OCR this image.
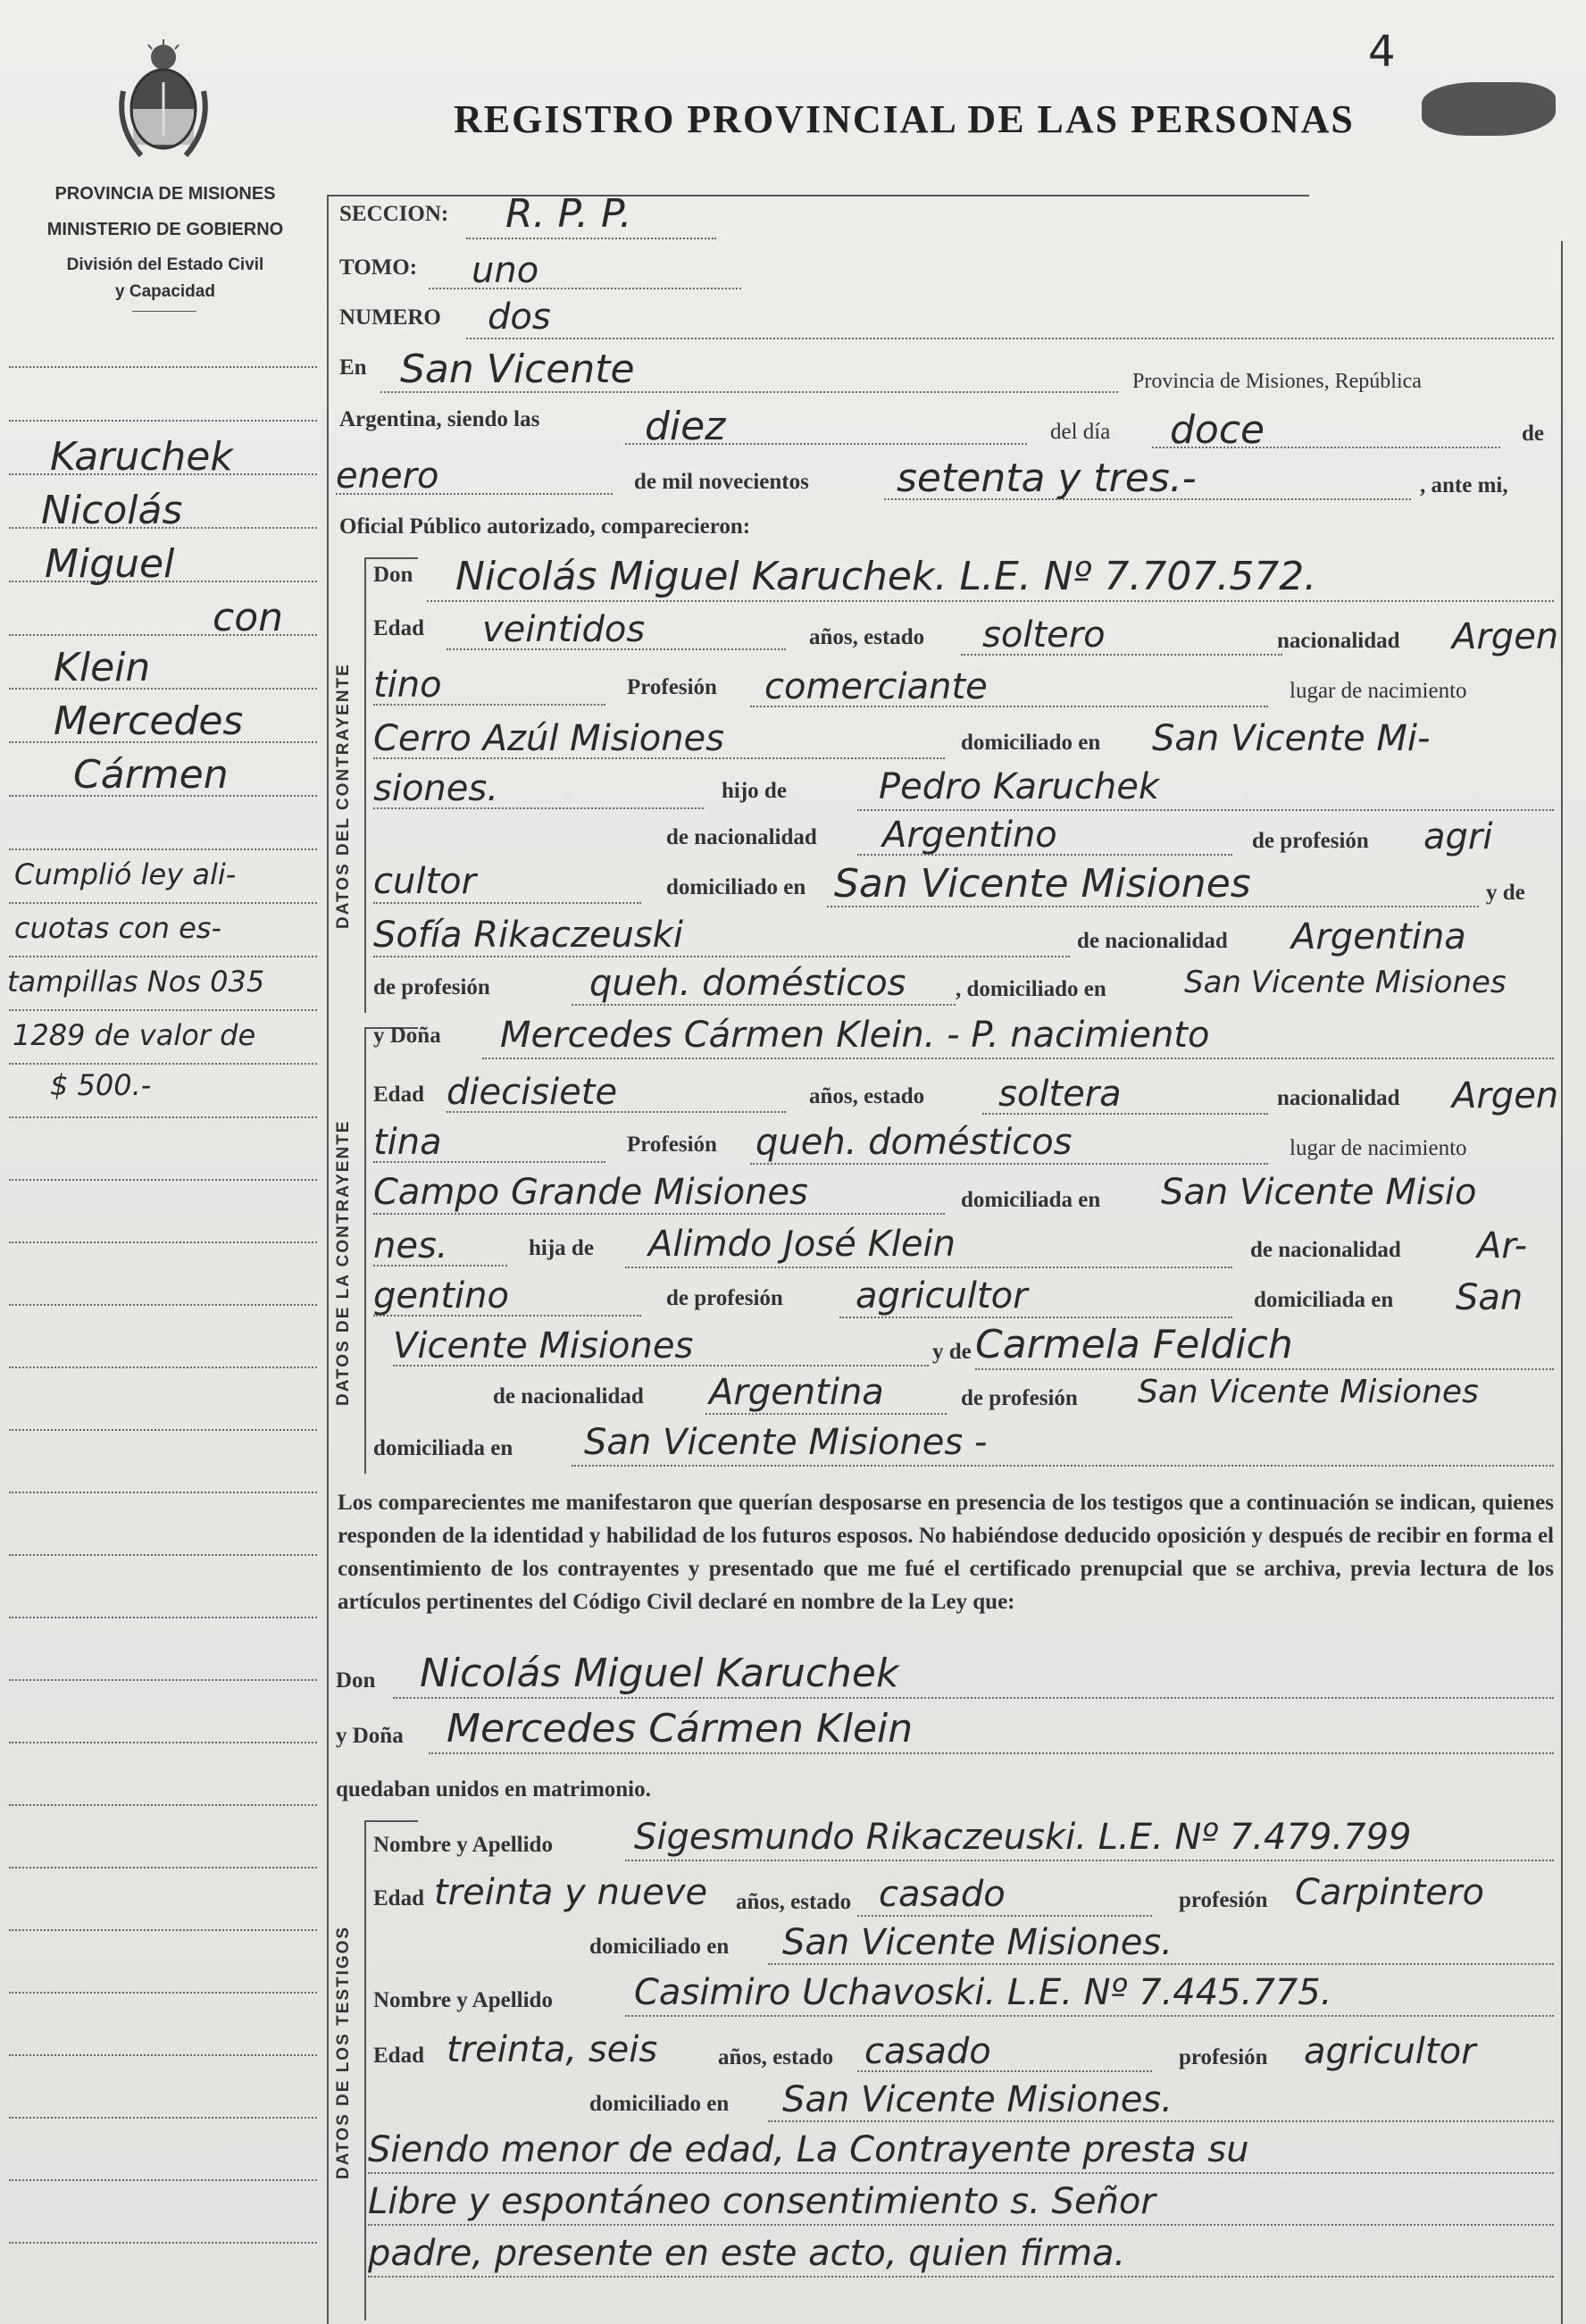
4
REGISTRO PROVINCIAL DE LAS PERSONAS
PROVINCIA DE MISIONES
MINISTERIO DE GOBIERNO
División del Estado Civil
y Capacidad
Karuchek
Nicolás
Miguel
con
Klein
Mercedes
Cármen
Cumplió ley ali-
cuotas con es-
tampillas Nos 035
1289 de valor de
$ 500.-
SECCION: R. P. P.
TOMO: uno
NUMERO dos
En San Vicente	Provincia de Misiones, República
Argentina, siendo las	diez	del día doce	de
enero	de mil novecientos setenta y tres.-	, ante mi,
Oficial Público autorizado, comparecieron:
DATOS DEL CONTRAYENTE
Don Nicolás Miguel Karuchek. L.E. Nº 7.707.572.
Edad veintidos	años, estado soltero	nacionalidad Argen
tino	Profesión comerciante	lugar de nacimiento
Cerro Azúl Misiones	domiciliado en San Vicente Mi-
siones.	hijo de	Pedro Karuchek
de nacionalidad Argentino	de profesión agri
cultor	domiciliado en San Vicente Misiones	y de
Sofía Rikaczeuski	de nacionalidad Argentina
de profesión	queh. domésticos , domiciliado en	San Vicente Misiones
DATOS DE LA CONTRAYENTE
y Doña Mercedes Cármen Klein. - P. nacimiento
Edad diecisiete	años, estado soltera	nacionalidad Argen
tina	Profesión queh. domésticos	lugar de nacimiento
Campo Grande Misiones	domiciliada en San Vicente Misio
nes.	hija de Alimdo José Klein	de nacionalidad Ar-
gentino	de profesión agricultor	domiciliada en San
Vicente Misiones	y de Carmela Feldich
de nacionalidad Argentina	de profesión San Vicente Misiones
domiciliada en San Vicente Misiones -
Los comparecientes me manifestaron que querían desposarse en presencia de los testigos que a continuación se indican, quienes responden de la identidad y habilidad de los futuros esposos. No habiéndose deducido oposición y después de recibir en forma el consentimiento de los contrayentes y presentado que me fué el certificado prenupcial que se archiva, previa lectura de los artículos pertinentes del Código Civil declaré en nombre de la Ley que:
Don Nicolás Miguel Karuchek
y Doña Mercedes Cármen Klein
quedaban unidos en matrimonio.
DATOS DE LOS TESTIGOS
Nombre y Apellido Sigesmundo Rikaczeuski. L.E. Nº 7.479.799
Edad treinta y nueve años, estado casado	profesión Carpintero
domiciliado en San Vicente Misiones.
Nombre y Apellido Casimiro Uchavoski. L.E. Nº 7.445.775.
Edad treinta, seis	años, estado casado	profesión agricultor
domiciliado en San Vicente Misiones.
Siendo menor de edad, La Contrayente presta su
Libre y espontáneo consentimiento s. Señor
padre, presente en este acto, quien firma.
